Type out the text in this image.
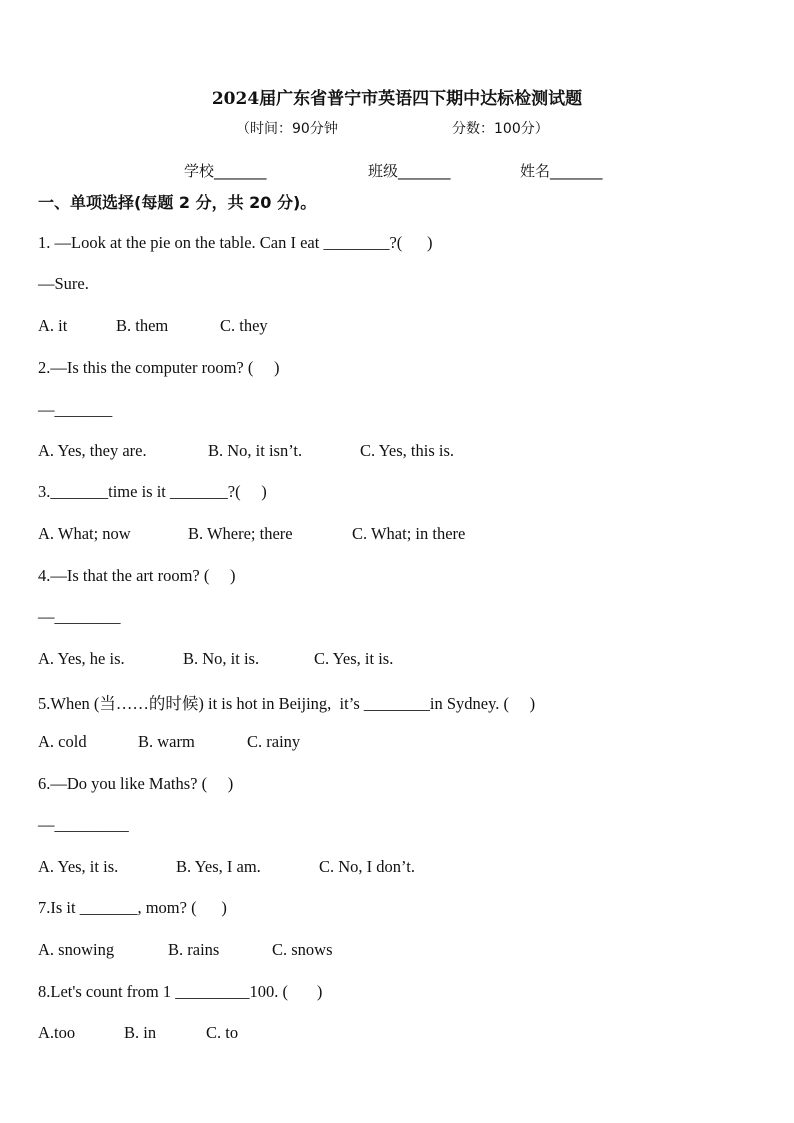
2024届广东省普宁市英语四下期中达标检测试题
（时间：90分钟	分数：100分）
学校_______	班级_______	姓名_______
一、单项选择(每题 2 分，共 20 分)。
1. —Look at the pie on the table. Can I eat ________?(      )
—Sure.
A. it	B. them	C. they
2.—Is this the computer room? (     )
—_______
A. Yes, they are.	B. No, it isn’t.	C. Yes, this is.
3._______time is it _______?(     )
A. What; now	B. Where; there	C. What; in there
4.—Is that the art room? (     )
—________
A. Yes, he is.	B. No, it is.	C. Yes, it is.
5.When (当……的时候) it is hot in Beijing,  it’s ________in Sydney. (     )
A. cold	B. warm	C. rainy
6.—Do you like Maths? (     )
—_________
A. Yes, it is.	B. Yes, I am.	C. No, I don’t.
7.Is it _______, mom? (      )
A. snowing	B. rains	C. snows
8.Let's count from 1 _________100. (       )
A.too	B. in	C. to
